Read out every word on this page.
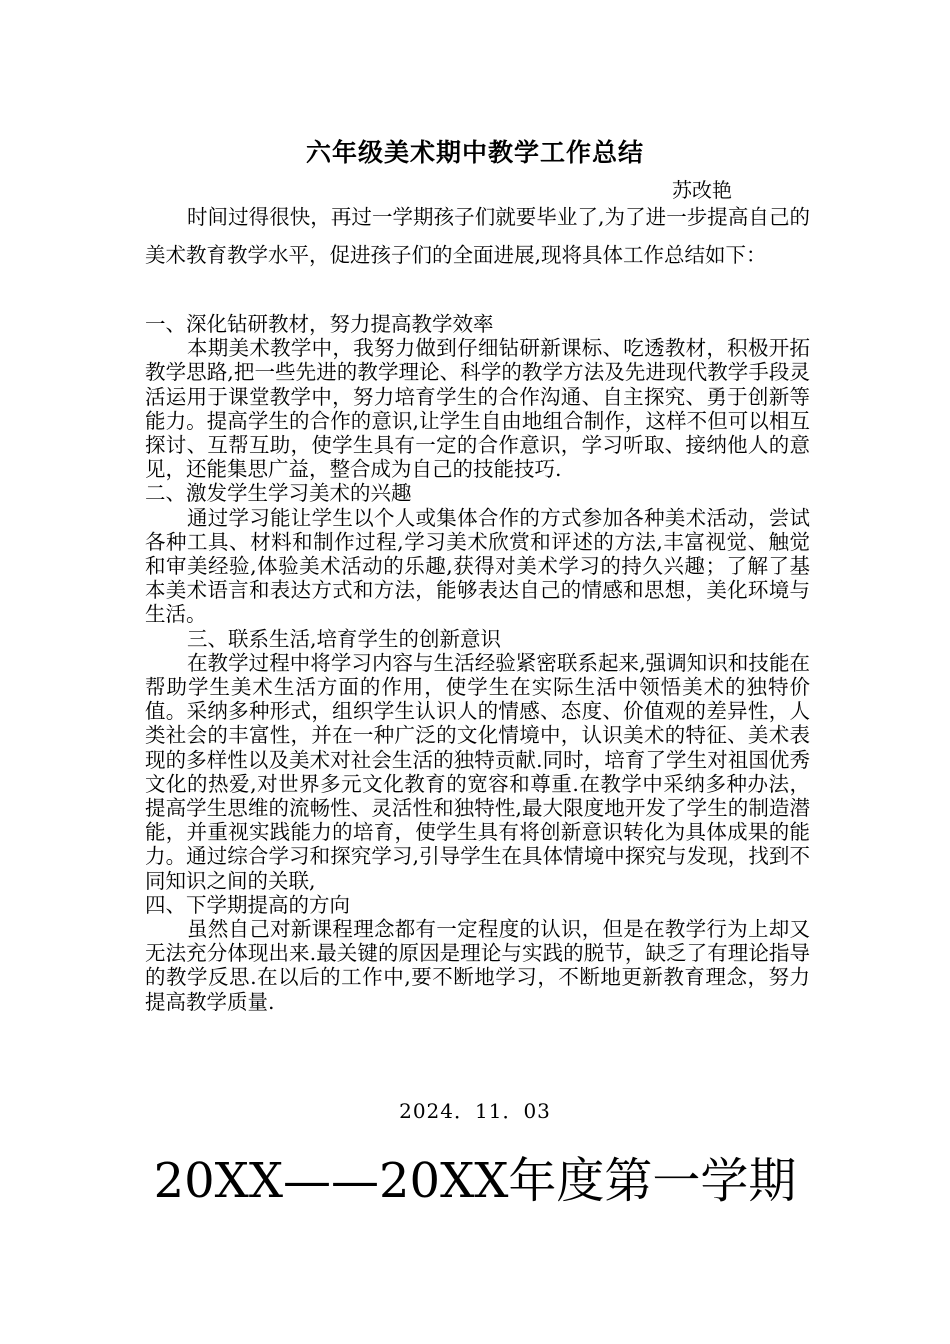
六年级美术期中教学工作总结
苏改艳
时间过得很快，再过一学期孩子们就要毕业了,为了进一步提高自己的美术教育教学水平，促进孩子们的全面进展,现将具体工作总结如下：
一、深化钻研教材，努力提高教学效率
本期美术教学中，我努力做到仔细钻研新课标、吃透教材，积极开拓教学思路,把一些先进的教学理论、科学的教学方法及先进现代教学手段灵活运用于课堂教学中，努力培育学生的合作沟通、自主探究、勇于创新等能力。提高学生的合作的意识,让学生自由地组合制作，这样不但可以相互探讨、互帮互助，使学生具有一定的合作意识，学习听取、接纳他人的意见，还能集思广益，整合成为自己的技能技巧.
二、激发学生学习美术的兴趣
通过学习能让学生以个人或集体合作的方式参加各种美术活动，尝试各种工具、材料和制作过程,学习美术欣赏和评述的方法,丰富视觉、触觉和审美经验,体验美术活动的乐趣,获得对美术学习的持久兴趣；了解了基本美术语言和表达方式和方法，能够表达自己的情感和思想，美化环境与生活。
三、联系生活,培育学生的创新意识
在教学过程中将学习内容与生活经验紧密联系起来,强调知识和技能在帮助学生美术生活方面的作用，使学生在实际生活中领悟美术的独特价值。采纳多种形式，组织学生认识人的情感、态度、价值观的差异性，人类社会的丰富性，并在一种广泛的文化情境中，认识美术的特征、美术表现的多样性以及美术对社会生活的独特贡献.同时，培育了学生对祖国优秀文化的热爱,对世界多元文化教育的宽容和尊重.在教学中采纳多种办法，提高学生思维的流畅性、灵活性和独特性,最大限度地开发了学生的制造潜能，并重视实践能力的培育，使学生具有将创新意识转化为具体成果的能力。通过综合学习和探究学习,引导学生在具体情境中探究与发现，找到不同知识之间的关联,
四、下学期提高的方向
虽然自己对新课程理念都有一定程度的认识，但是在教学行为上却又无法充分体现出来.最关键的原因是理论与实践的脱节，缺乏了有理论指导的教学反思.在以后的工作中,要不断地学习，不断地更新教育理念，努力提高教学质量.
2024．11．03
20XX——20XX年度第一学期
